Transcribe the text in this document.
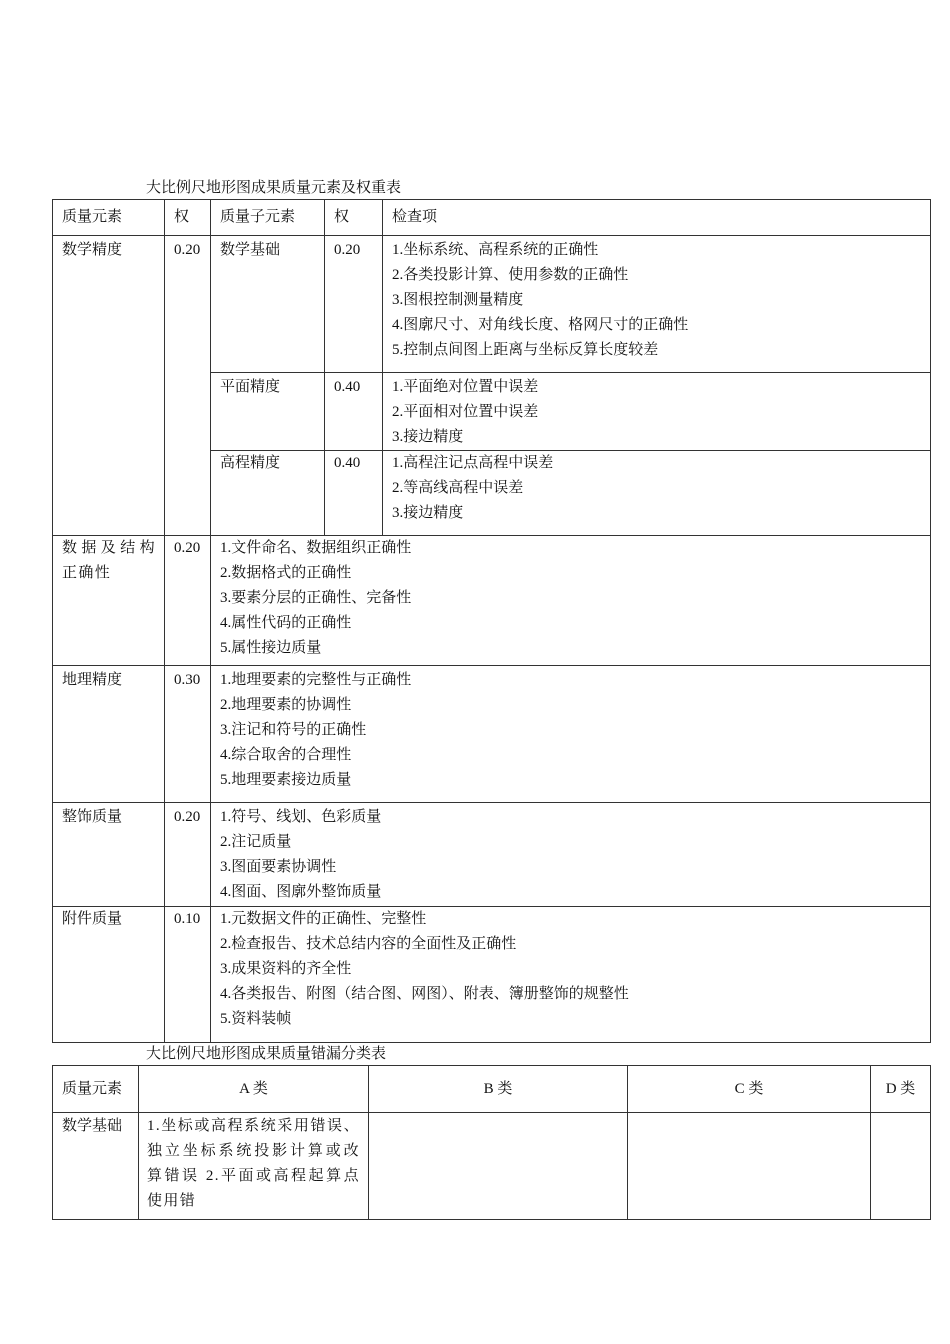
大比例尺地形图成果质量元素及权重表
质量元素	权	质量子元素	权	检查项
数学精度	0.20	数学基础	0.20	1.坐标系统、高程系统的正确性
2.各类投影计算、使用参数的正确性
3.图根控制测量精度
4.图廓尺寸、对角线长度、格网尺寸的正确性
5.控制点间图上距离与坐标反算长度较差

		平面精度	0.40	1.平面绝对位置中误差
2.平面相对位置中误差
3.接边精度

		高程精度	0.40	1.高程注记点高程中误差
2.等高线高程中误差
3.接边精度

数据及结构正确性	0.20	1.文件命名、数据组织正确性
2.数据格式的正确性
3.要素分层的正确性、完备性
4.属性代码的正确性
5.属性接边质量		

地理精度	0.30	1.地理要素的完整性与正确性
2.地理要素的协调性
3.注记和符号的正确性
4.综合取舍的合理性
5.地理要素接边质量		

整饰质量	0.20	1.符号、线划、色彩质量
2.注记质量
3.图面要素协调性
4.图面、图廓外整饰质量		

附件质量	0.10	1.元数据文件的正确性、完整性
2.检查报告、技术总结内容的全面性及正确性
3.成果资料的齐全性
4.各类报告、附图（结合图、网图）、附表、簿册整饰的规整性
5.资料装帧		
大比例尺地形图成果质量错漏分类表
质量元素	A 类	B 类	C 类	D 类
数学基础	1.坐标或高程系统采用错误、独立坐标系统投影计算或改算错误 2.平面或高程起算点使用错			
